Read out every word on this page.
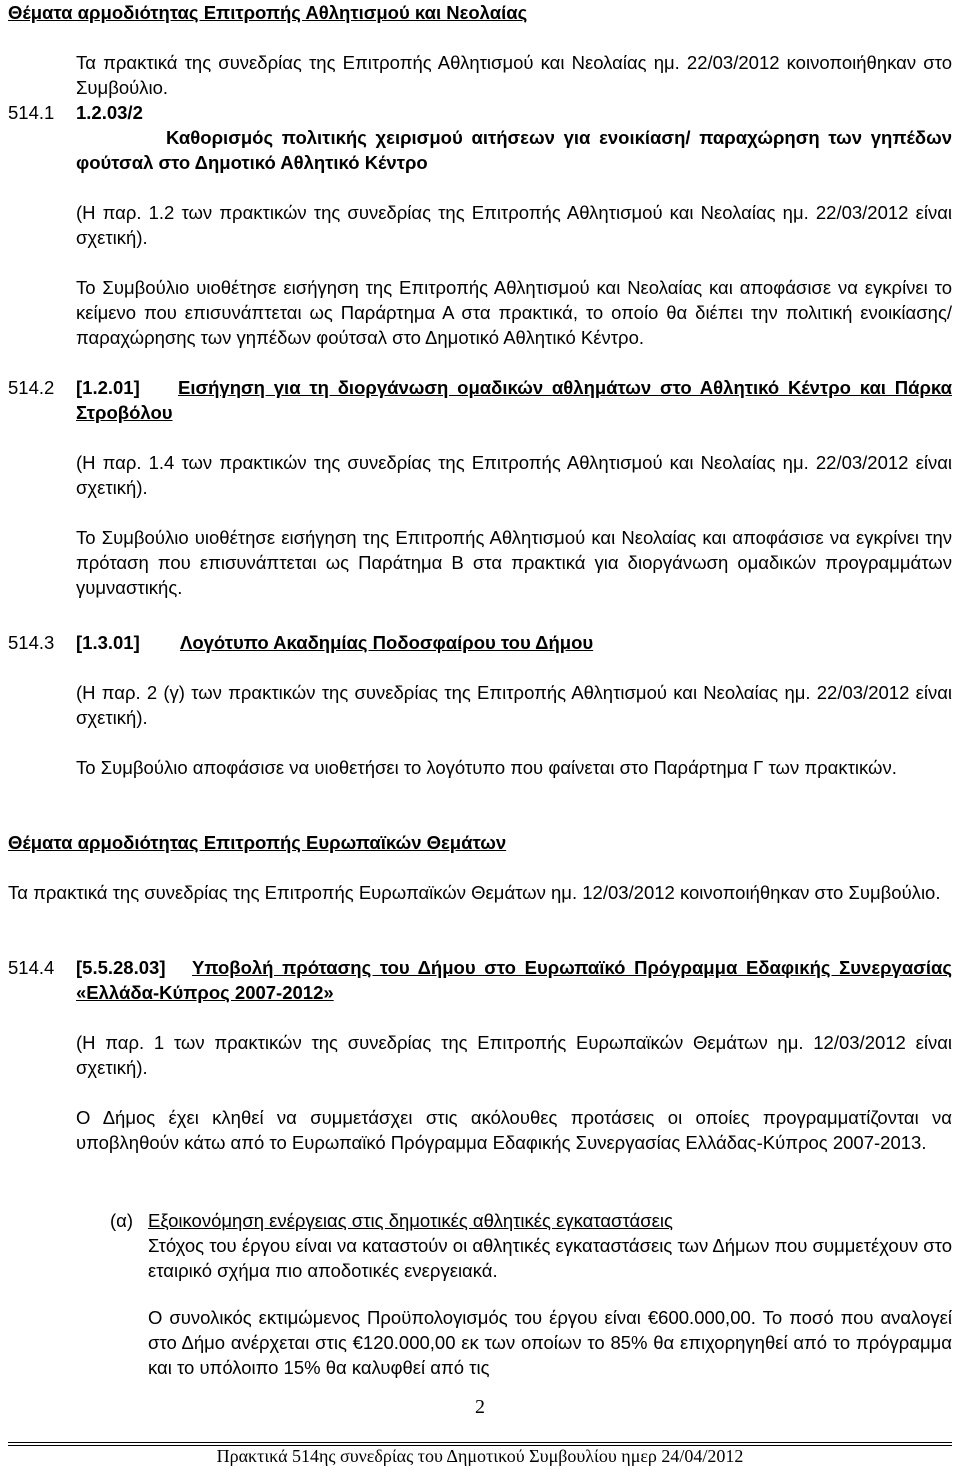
Θέματα αρμοδιότητας Επιτροπής Αθλητισμού και Νεολαίας
Τα πρακτικά της συνεδρίας της Επιτροπής Αθλητισμού και Νεολαίας ημ. 22/03/2012 κοινοποιήθηκαν στο Συμβούλιο.
514.1	1.2.03/2
Καθορισμός πολιτικής χειρισμού αιτήσεων για ενοικίαση/ παραχώρηση των γηπέδων φούτσαλ στο Δημοτικό Αθλητικό Κέντρο
(Η παρ. 1.2 των πρακτικών της συνεδρίας της Επιτροπής Αθλητισμού και Νεολαίας ημ. 22/03/2012 είναι σχετική).
Το Συμβούλιο υιοθέτησε εισήγηση της Επιτροπής Αθλητισμού και Νεολαίας και αποφάσισε να εγκρίνει το κείμενο που επισυνάπτεται ως Παράρτημα Α στα πρακτικά, το οποίο θα διέπει την πολιτική ενοικίασης/παραχώρησης των γηπέδων φούτσαλ στο Δημοτικό Αθλητικό Κέντρο.
514.2	[1.2.01]	Εισήγηση για τη διοργάνωση ομαδικών αθλημάτων στο Αθλητικό Κέντρο και Πάρκα Στροβόλου
(Η παρ. 1.4 των πρακτικών της συνεδρίας της Επιτροπής Αθλητισμού και Νεολαίας ημ. 22/03/2012 είναι σχετική).
Το Συμβούλιο υιοθέτησε εισήγηση της Επιτροπής Αθλητισμού και Νεολαίας και αποφάσισε να εγκρίνει την πρόταση που επισυνάπτεται ως Παράτημα Β στα πρακτικά για διοργάνωση ομαδικών προγραμμάτων γυμναστικής.
514.3	[1.3.01]	Λογότυπο Ακαδημίας Ποδοσφαίρου του Δήμου
(Η παρ. 2 (γ) των πρακτικών της συνεδρίας της Επιτροπής Αθλητισμού και Νεολαίας ημ. 22/03/2012 είναι σχετική).
Το Συμβούλιο αποφάσισε να υιοθετήσει το λογότυπο που φαίνεται στο Παράρτημα Γ των πρακτικών.
Θέματα αρμοδιότητας Επιτροπής Ευρωπαϊκών Θεμάτων
Τα πρακτικά της συνεδρίας της Επιτροπής Ευρωπαϊκών Θεμάτων ημ. 12/03/2012 κοινοποιήθηκαν στο Συμβούλιο.
514.4	[5.5.28.03]	Υποβολή πρότασης του Δήμου στο Ευρωπαϊκό Πρόγραμμα Εδαφικής Συνεργασίας «Ελλάδα-Κύπρος 2007-2012»
(Η παρ. 1 των πρακτικών της συνεδρίας της Επιτροπής Ευρωπαϊκών Θεμάτων ημ. 12/03/2012 είναι σχετική).
Ο Δήμος έχει κληθεί να συμμετάσχει στις ακόλουθες προτάσεις οι οποίες προγραμματίζονται να υποβληθούν κάτω από το Ευρωπαϊκό Πρόγραμμα Εδαφικής Συνεργασίας Ελλάδας-Κύπρος 2007-2013.
(α) Εξοικονόμηση ενέργειας στις δημοτικές αθλητικές εγκαταστάσεις
Στόχος του έργου είναι να καταστούν οι αθλητικές εγκαταστάσεις των Δήμων που συμμετέχουν στο εταιρικό σχήμα πιο αποδοτικές ενεργειακά.
Ο συνολικός εκτιμώμενος Προϋπολογισμός του έργου είναι €600.000,00. Το ποσό που αναλογεί στο Δήμο ανέρχεται στις €120.000,00 εκ των οποίων το 85% θα επιχορηγηθεί από το πρόγραμμα και το υπόλοιπο 15% θα καλυφθεί από τις
2
Πρακτικά 514ης συνεδρίας του Δημοτικού Συμβουλίου ημερ 24/04/2012
